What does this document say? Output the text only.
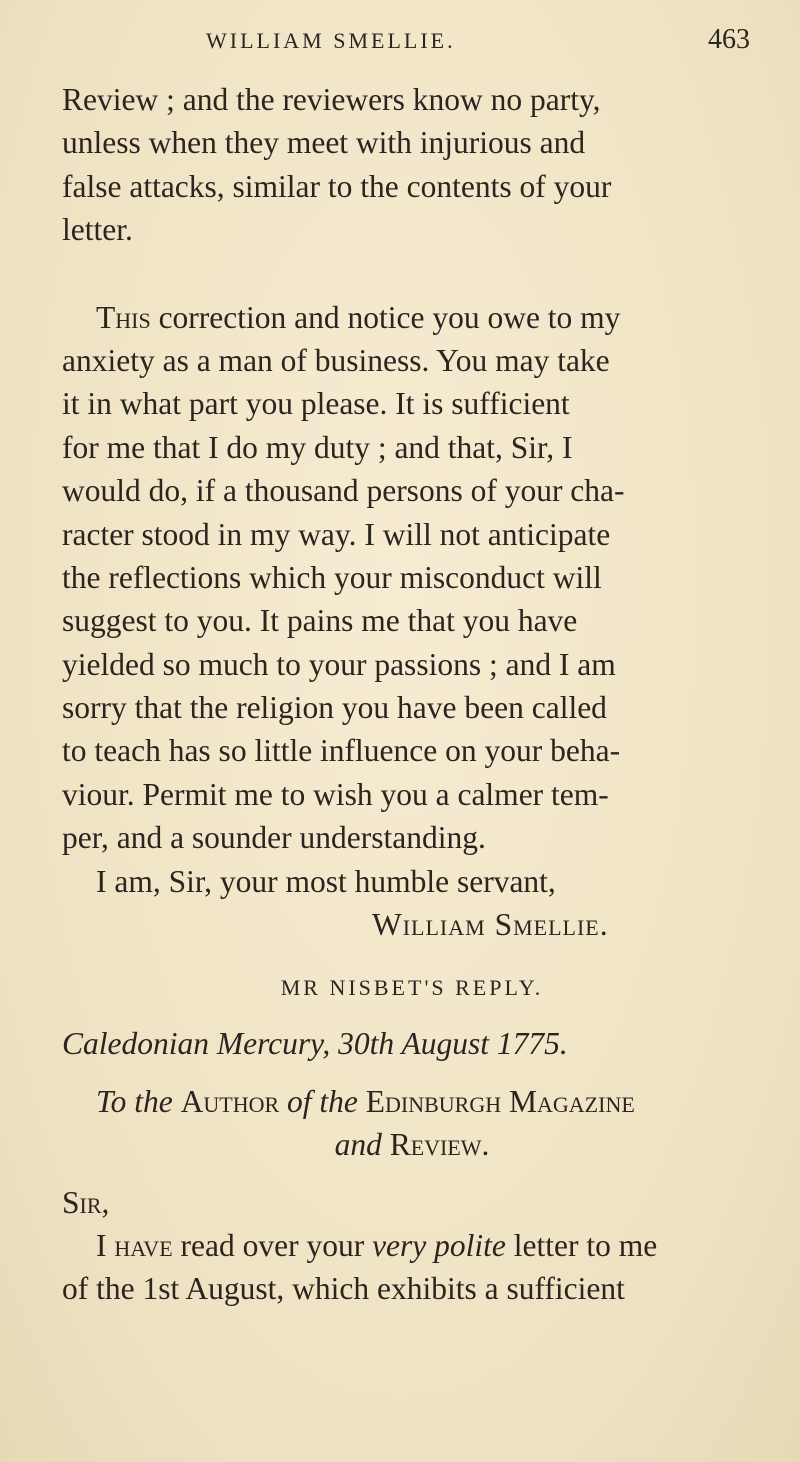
WILLIAM SMELLIE.	463
Review ; and the reviewers know no party,
unless when they meet with injurious and
false attacks, similar to the contents of your
letter.
This correction and notice you owe to my
anxiety as a man of business. You may take
it in what part you please. It is sufficient
for me that I do my duty ; and that, Sir, I
would do, if a thousand persons of your cha-
racter stood in my way. I will not anticipate
the reflections which your misconduct will
suggest to you. It pains me that you have
yielded so much to your passions ; and I am
sorry that the religion you have been called
to teach has so little influence on your beha-
viour. Permit me to wish you a calmer tem-
per, and a sounder understanding.
I am, Sir, your most humble servant,
William Smellie.
MR NISBET'S REPLY.
Caledonian Mercury, 30th August 1775.
To the Author of the Edinburgh Magazine
and Review.
Sir,
I have read over your very polite letter to me
of the 1st August, which exhibits a sufficient
